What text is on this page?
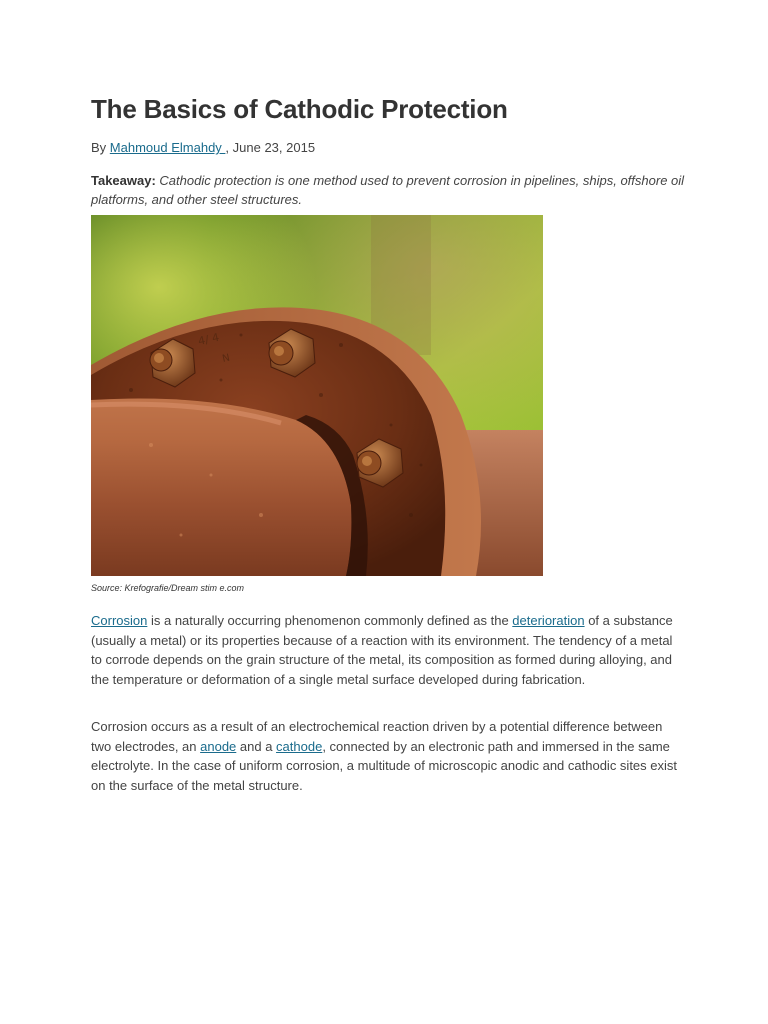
The Basics of Cathodic Protection
By Mahmoud Elmahdy , June 23, 2015
Takeaway: Cathodic protection is one method used to prevent corrosion in pipelines, ships, offshore oil platforms, and other steel structures.
4/ 4
N
Source: Krefografie/Dream stim e.com

Corrosion is a naturally occurring phenomenon commonly defined as the deterioration of a substance (usually a metal) or its properties because of a reaction with its environment. The tendency of a metal to corrode depends on the grain structure of the metal, its composition as formed during alloying, and the temperature or deformation of a single metal surface developed during fabrication.

Corrosion occurs as a result of an electrochemical reaction driven by a potential difference between two electrodes, an anode and a cathode, connected by an electronic path and immersed in the same electrolyte. In the case of uniform corrosion, a multitude of microscopic anodic and cathodic sites exist on the surface of the metal structure.
